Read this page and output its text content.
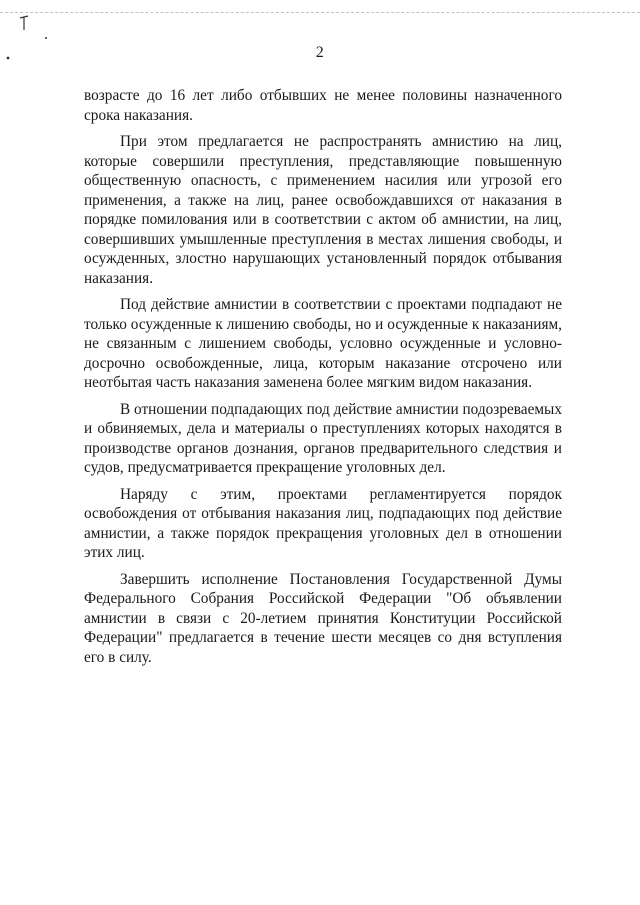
2

возрасте до 16 лет либо отбывших не менее половины назначенного срока наказания.

При этом предлагается не распространять амнистию на лиц, которые совершили преступления, представляющие повышенную общественную опасность, с применением насилия или угрозой его применения, а также на лиц, ранее освобождавшихся от наказания в порядке помилования или в соответствии с актом об амнистии, на лиц, совершивших умышленные преступления в местах лишения свободы, и осужденных, злостно нарушающих установленный порядок отбывания наказания.

Под действие амнистии в соответствии с проектами подпадают не только осужденные к лишению свободы, но и осужденные к наказаниям, не связанным с лишением свободы, условно осужденные и условно-досрочно освобожденные, лица, которым наказание отсрочено или неотбытая часть наказания заменена более мягким видом наказания.

В отношении подпадающих под действие амнистии подозреваемых и обвиняемых, дела и материалы о преступлениях которых находятся в производстве органов дознания, органов предварительного следствия и судов, предусматривается прекращение уголовных дел.

Наряду с этим, проектами регламентируется порядок освобождения от отбывания наказания лиц, подпадающих под действие амнистии, а также порядок прекращения уголовных дел в отношении этих лиц.

Завершить исполнение Постановления Государственной Думы Федерального Собрания Российской Федерации "Об объявлении амнистии в связи с 20-летием принятия Конституции Российской Федерации" предлагается в течение шести месяцев со дня вступления его в силу.
